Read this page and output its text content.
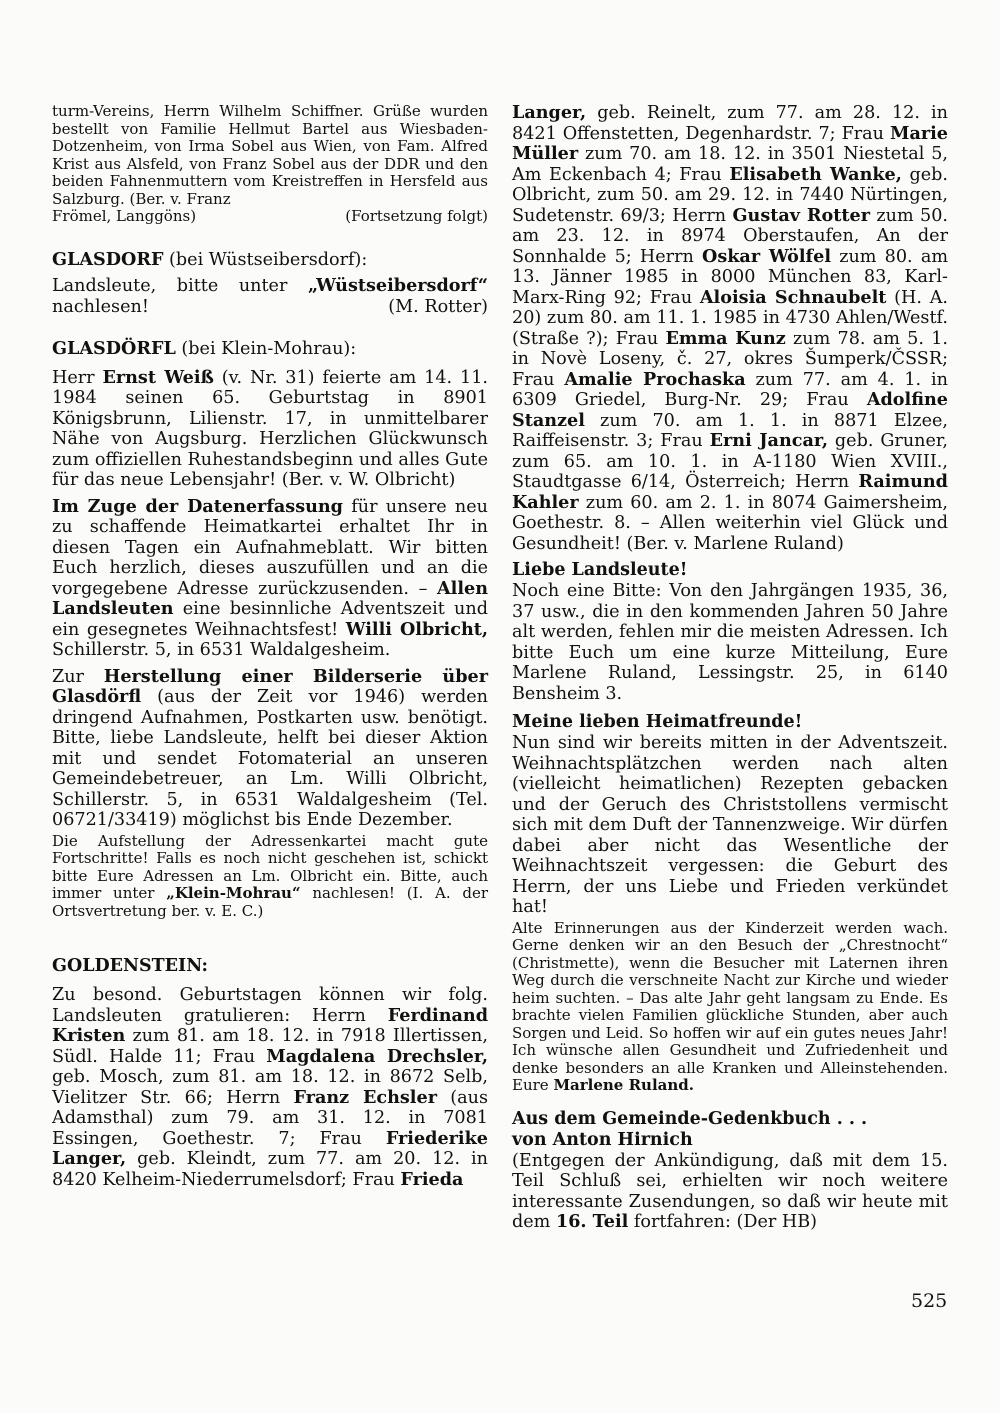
turm-Vereins, Herrn Wilhelm Schiffner. Grüße wurden bestellt von Familie Hellmut Bartel aus Wiesbaden-Dotzenheim, von Irma Sobel aus Wien, von Fam. Alfred Krist aus Alsfeld, von Franz Sobel aus der DDR und den beiden Fahnenmuttern vom Kreistreffen in Hersfeld aus Salzburg. (Ber. v. Franz

Frömel, Langgöns)	(Fortsetzung folgt)
GLASDORF (bei Wüstseibersdorf):
Landsleute, bitte unter „Wüstseibersdorf“
nachlesen!	(M. Rotter)
GLASDÖRFL (bei Klein-Mohrau):

Herr Ernst Weiß (v. Nr. 31) feierte am 14. 11. 1984 seinen 65. Geburtstag in 8901 Königsbrunn, Lilienstr. 17, in unmittelbarer Nähe von Augsburg. Herzlichen Glückwunsch zum offiziellen Ruhestandsbeginn und alles Gute für das neue Lebensjahr! (Ber. v. W. Olbricht)

Im Zuge der Datenerfassung für unsere neu zu schaffende Heimatkartei erhaltet Ihr in diesen Tagen ein Aufnahmeblatt. Wir bitten Euch herzlich, dieses auszufüllen und an die vorgegebene Adresse zurückzusenden. – Allen Landsleuten eine besinnliche Adventszeit und ein gesegnetes Weihnachtsfest! Willi Olbricht, Schillerstr. 5, in 6531 Waldalgesheim.

Zur Herstellung einer Bilderserie über Glasdörfl (aus der Zeit vor 1946) werden dringend Aufnahmen, Postkarten usw. benötigt. Bitte, liebe Landsleute, helft bei dieser Aktion mit und sendet Fotomaterial an unseren Gemeindebetreuer, an Lm. Willi Olbricht, Schillerstr. 5, in 6531 Waldalgesheim (Tel. 06721/33419) möglichst bis Ende Dezember.

Die Aufstellung der Adressenkartei macht gute Fortschritte! Falls es noch nicht geschehen ist, schickt bitte Eure Adressen an Lm. Olbricht ein. Bitte, auch immer unter „Klein-Mohrau“ nachlesen! (I. A. der Ortsvertretung ber. v. E. C.)

GOLDENSTEIN:

Zu besond. Geburtstagen können wir folg. Landsleuten gratulieren: Herrn Ferdinand Kristen zum 81. am 18. 12. in 7918 Illertissen, Südl. Halde 11; Frau Magdalena Drechsler, geb. Mosch, zum 81. am 18. 12. in 8672 Selb, Vielitzer Str. 66; Herrn Franz Echsler (aus Adamsthal) zum 79. am 31. 12. in 7081 Essingen, Goethestr. 7; Frau Friederike Langer, geb. Kleindt, zum 77. am 20. 12. in 8420 Kelheim-Niederrumelsdorf; Frau Frieda

Langer, geb. Reinelt, zum 77. am 28. 12. in 8421 Offenstetten, Degenhardstr. 7; Frau Marie Müller zum 70. am 18. 12. in 3501 Niestetal 5, Am Eckenbach 4; Frau Elisabeth Wanke, geb. Olbricht, zum 50. am 29. 12. in 7440 Nürtingen, Sudetenstr. 69/3; Herrn Gustav Rotter zum 50. am 23. 12. in 8974 Oberstaufen, An der Sonnhalde 5; Herrn Oskar Wölfel zum 80. am 13. Jänner 1985 in 8000 München 83, Karl-Marx-Ring 92; Frau Aloisia Schnaubelt (H. A. 20) zum 80. am 11. 1. 1985 in 4730 Ahlen/Westf. (Straße ?); Frau Emma Kunz zum 78. am 5. 1. in Novè Loseny, č. 27, okres Šumperk/ČSSR; Frau Amalie Prochaska zum 77. am 4. 1. in 6309 Griedel, Burg-Nr. 29; Frau Adolfine Stanzel zum 70. am 1. 1. in 8871 Elzee, Raiffeisenstr. 3; Frau Erni Jancar, geb. Gruner, zum 65. am 10. 1. in A-1180 Wien XVIII., Staudtgasse 6/14, Österreich; Herrn Raimund Kahler zum 60. am 2. 1. in 8074 Gaimersheim, Goethestr. 8. – Allen weiterhin viel Glück und Gesundheit! (Ber. v. Marlene Ruland)

Liebe Landsleute!

Noch eine Bitte: Von den Jahrgängen 1935, 36, 37 usw., die in den kommenden Jahren 50 Jahre alt werden, fehlen mir die meisten Adressen. Ich bitte Euch um eine kurze Mitteilung, Eure Marlene Ruland, Lessingstr. 25, in 6140 Bensheim 3.

Meine lieben Heimatfreunde!

Nun sind wir bereits mitten in der Adventszeit. Weihnachtsplätzchen werden nach alten (vielleicht heimatlichen) Rezepten gebacken und der Geruch des Christstollens vermischt sich mit dem Duft der Tannenzweige. Wir dürfen dabei aber nicht das Wesentliche der Weihnachtszeit vergessen: die Geburt des Herrn, der uns Liebe und Frieden verkündet hat!

Alte Erinnerungen aus der Kinderzeit werden wach. Gerne denken wir an den Besuch der „Chrestnocht“ (Christmette), wenn die Besucher mit Laternen ihren Weg durch die verschneite Nacht zur Kirche und wieder heim suchten. – Das alte Jahr geht langsam zu Ende. Es brachte vielen Familien glückliche Stunden, aber auch Sorgen und Leid. So hoffen wir auf ein gutes neues Jahr! Ich wünsche allen Gesundheit und Zufriedenheit und denke besonders an alle Kranken und Alleinstehenden. Eure Marlene Ruland.

Aus dem Gemeinde-Gedenkbuch . . .
von Anton Hirnich

(Entgegen der Ankündigung, daß mit dem 15. Teil Schluß sei, erhielten wir noch weitere interessante Zusendungen, so daß wir heute mit dem 16. Teil fortfahren: (Der HB)

525
